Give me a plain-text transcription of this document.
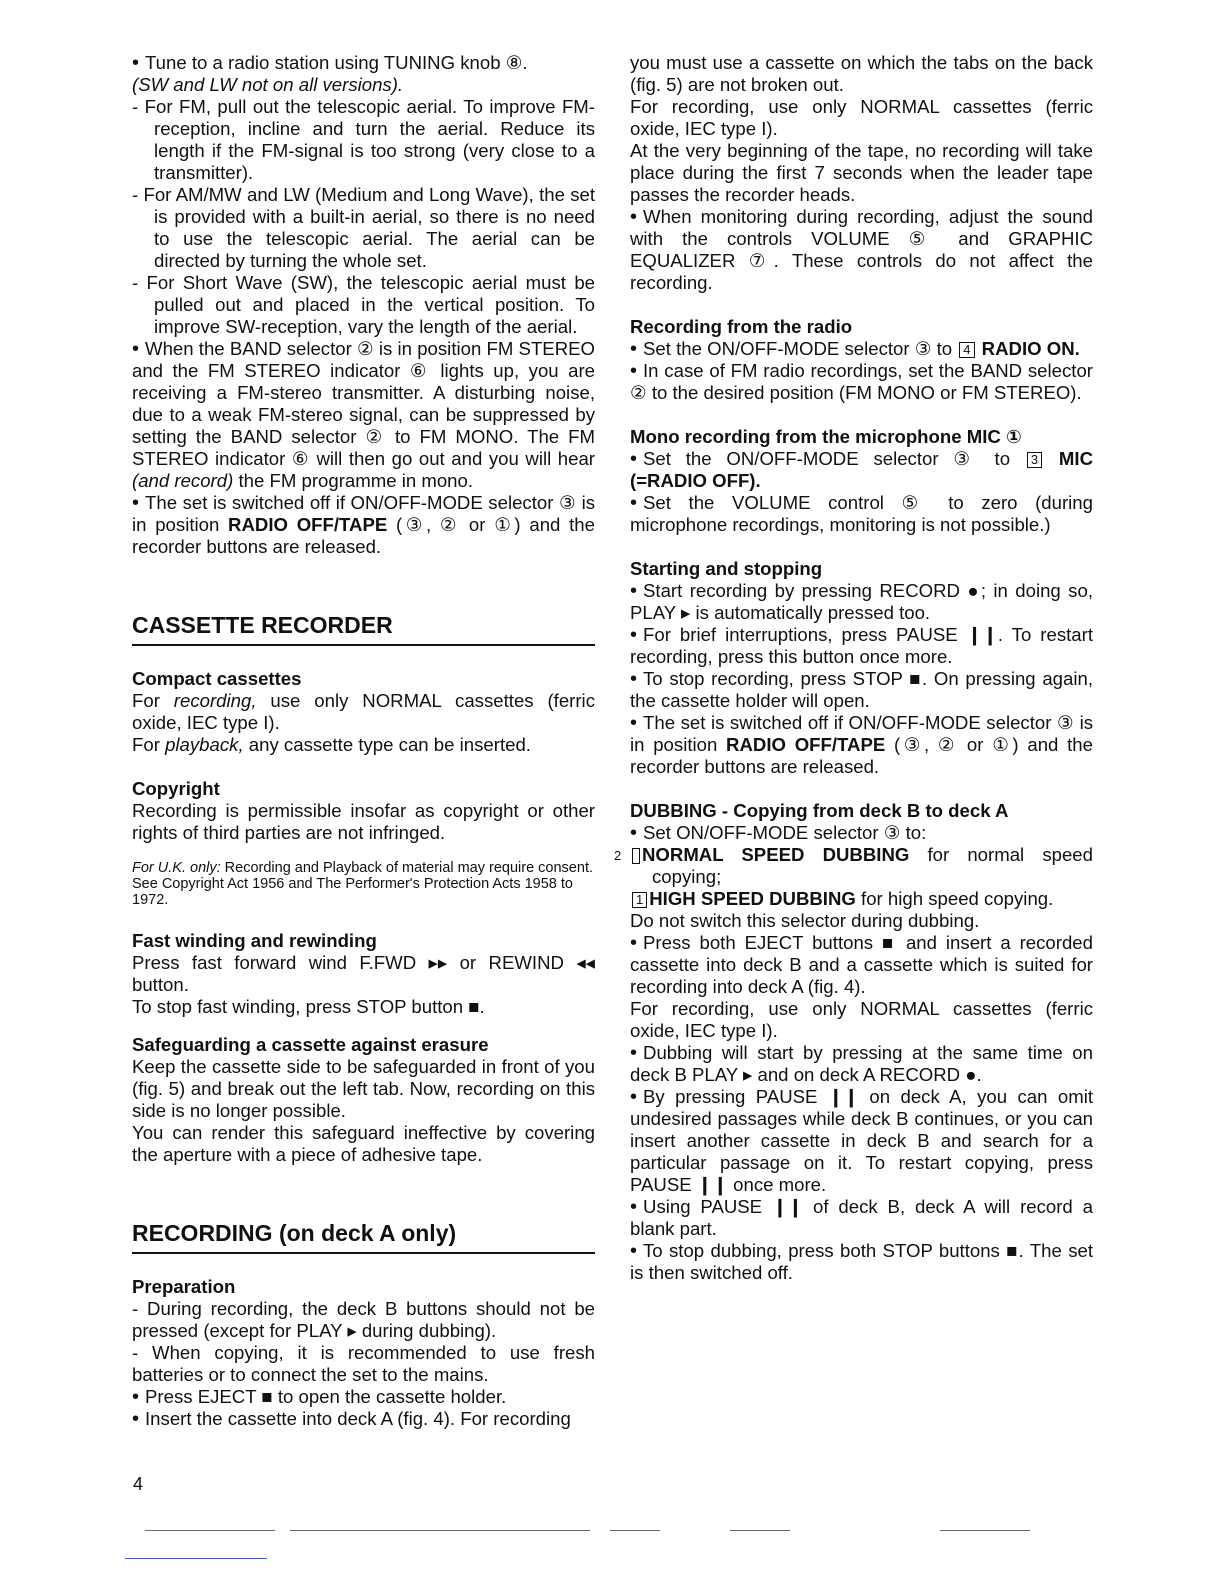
• Tune to a radio station using TUNING knob ⑧.

(SW and LW not on all versions).

- For FM, pull out the telescopic aerial. To improve FM-reception, incline and turn the aerial. Reduce its length if the FM-signal is too strong (very close to a transmitter).

- For AM/MW and LW (Medium and Long Wave), the set is provided with a built-in aerial, so there is no need to use the telescopic aerial. The aerial can be directed by turning the whole set.

- For Short Wave (SW), the telescopic aerial must be pulled out and placed in the vertical position. To improve SW-reception, vary the length of the aerial.

• When the BAND selector ② is in position FM STEREO and the FM STEREO indicator ⑥ lights up, you are receiving a FM-stereo transmitter. A disturbing noise, due to a weak FM-stereo signal, can be suppressed by setting the BAND selector ② to FM MONO. The FM STEREO indicator ⑥ will then go out and you will hear (and record) the FM programme in mono.

• The set is switched off if ON/OFF-MODE selector ③ is in position RADIO OFF/TAPE (③, ② or ①) and the recorder buttons are released.

CASSETTE RECORDER

Compact cassettes

For recording, use only NORMAL cassettes (ferric oxide, IEC type I).

For playback, any cassette type can be inserted.

Copyright

Recording is permissible insofar as copyright or other rights of third parties are not infringed.

For U.K. only: Recording and Playback of material may require consent. See Copyright Act 1956 and The Performer's Protection Acts 1958 to 1972.

Fast winding and rewinding

Press fast forward wind F.FWD ▸▸ or REWIND ◂◂ button.

To stop fast winding, press STOP button ■.

Safeguarding a cassette against erasure

Keep the cassette side to be safeguarded in front of you (fig. 5) and break out the left tab. Now, recording on this side is no longer possible.

You can render this safeguard ineffective by covering the aperture with a piece of adhesive tape.

RECORDING (on deck A only)

Preparation

- During recording, the deck B buttons should not be pressed (except for PLAY ▸ during dubbing).

- When copying, it is recommended to use fresh batteries or to connect the set to the mains.

• Press EJECT ■ to open the cassette holder.

• Insert the cassette into deck A (fig. 4). For recording

you must use a cassette on which the tabs on the back (fig. 5) are not broken out.

For recording, use only NORMAL cassettes (ferric oxide, IEC type I).

At the very beginning of the tape, no recording will take place during the first 7 seconds when the leader tape passes the recorder heads.

• When monitoring during recording, adjust the sound with the controls VOLUME ⑤ and GRAPHIC EQUALIZER ⑦. These controls do not affect the recording.

Recording from the radio

• Set the ON/OFF-MODE selector ③ to 4 RADIO ON.

• In case of FM radio recordings, set the BAND selector ② to the desired position (FM MONO or FM STEREO).

Mono recording from the microphone MIC ①

• Set the ON/OFF-MODE selector ③ to 3 MIC (=RADIO OFF).

• Set the VOLUME control ⑤ to zero (during microphone recordings, monitoring is not possible.)

Starting and stopping

• Start recording by pressing RECORD ●; in doing so, PLAY ▸ is automatically pressed too.

• For brief interruptions, press PAUSE ❙❙. To restart recording, press this button once more.

• To stop recording, press STOP ■. On pressing again, the cassette holder will open.

• The set is switched off if ON/OFF-MODE selector ③ is in position RADIO OFF/TAPE (③, ② or ①) and the recorder buttons are released.

DUBBING - Copying from deck B to deck A

• Set ON/OFF-MODE selector ③ to:

2 NORMAL SPEED DUBBING for normal speed copying;

1 HIGH SPEED DUBBING for high speed copying.

Do not switch this selector during dubbing.

• Press both EJECT buttons ■ and insert a recorded cassette into deck B and a cassette which is suited for recording into deck A (fig. 4).

For recording, use only NORMAL cassettes (ferric oxide, IEC type I).

• Dubbing will start by pressing at the same time on deck B PLAY ▸ and on deck A RECORD ●.

• By pressing PAUSE ❙❙ on deck A, you can omit undesired passages while deck B continues, or you can insert another cassette in deck B and search for a particular passage on it. To restart copying, press PAUSE ❙❙ once more.

• Using PAUSE ❙❙ of deck B, deck A will record a blank part.

• To stop dubbing, press both STOP buttons ■. The set is then switched off.

4
